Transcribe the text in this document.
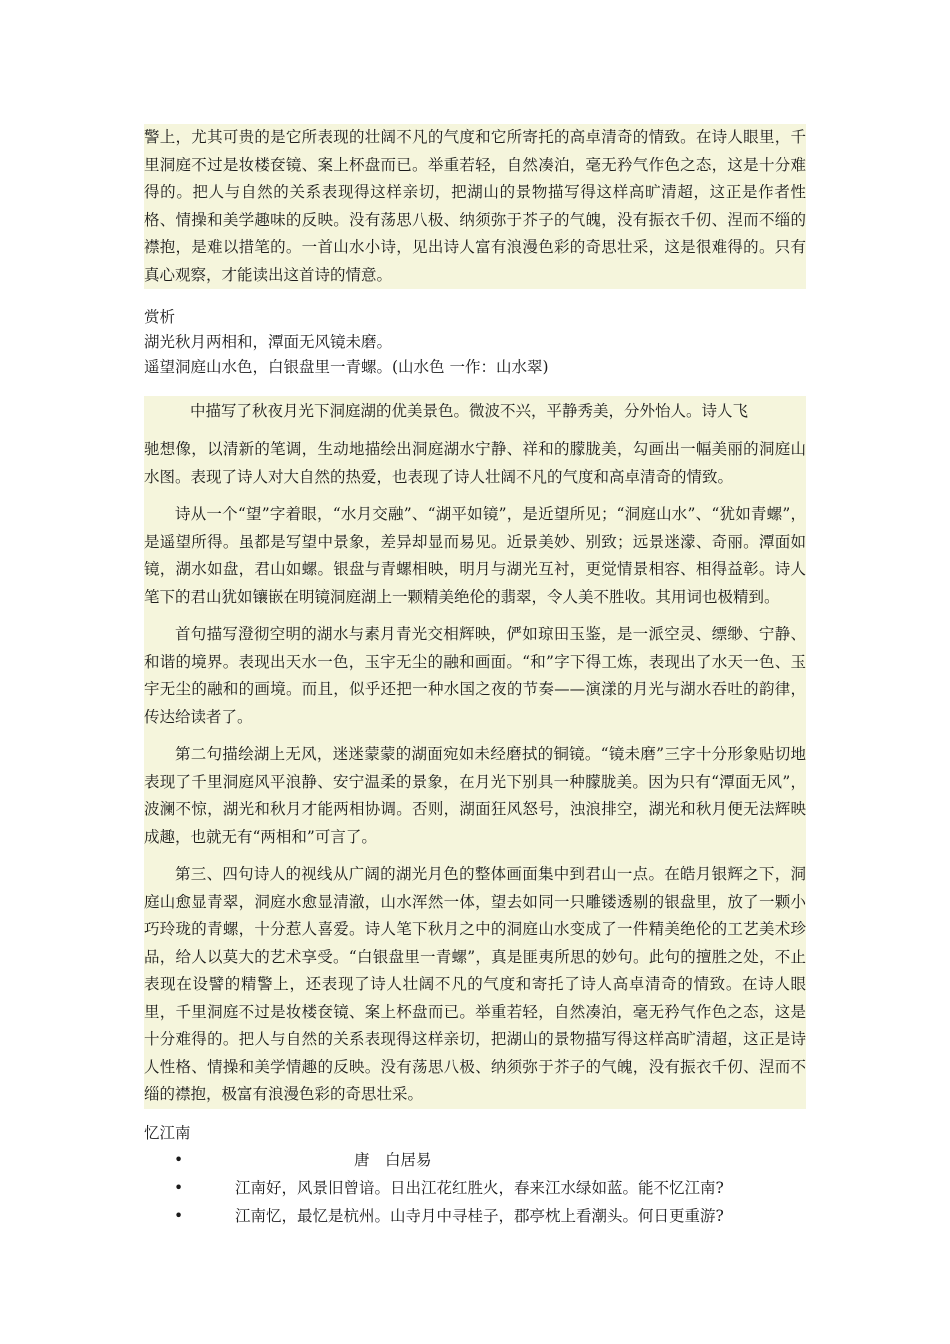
警上，尤其可贵的是它所表现的壮阔不凡的气度和它所寄托的高卓清奇的情致。在诗人眼里，千里洞庭不过是妆楼奁镜、案上杯盘而已。举重若轻，自然凑泊，毫无矜气作色之态，这是十分难得的。把人与自然的关系表现得这样亲切，把湖山的景物描写得这样高旷清超，这正是作者性格、情操和美学趣味的反映。没有荡思八极、纳须弥于芥子的气魄，没有振衣千仞、涅而不缁的襟抱，是难以措笔的。一首山水小诗，见出诗人富有浪漫色彩的奇思壮采，这是很难得的。只有真心观察，才能读出这首诗的情意。

赏析

湖光秋月两相和，潭面无风镜未磨。

遥望洞庭山水色，白银盘里一青螺。(山水色 一作：山水翠)

中描写了秋夜月光下洞庭湖的优美景色。微波不兴，平静秀美，分外怡人。诗人飞

驰想像，以清新的笔调，生动地描绘出洞庭湖水宁静、祥和的朦胧美，勾画出一幅美丽的洞庭山水图。表现了诗人对大自然的热爱，也表现了诗人壮阔不凡的气度和高卓清奇的情致。

诗从一个“望”字着眼，“水月交融”、“湖平如镜”，是近望所见；“洞庭山水”、“犹如青螺”，是遥望所得。虽都是写望中景象，差异却显而易见。近景美妙、别致；远景迷濛、奇丽。潭面如镜，湖水如盘，君山如螺。银盘与青螺相映，明月与湖光互衬，更觉情景相容、相得益彰。诗人笔下的君山犹如镶嵌在明镜洞庭湖上一颗精美绝伦的翡翠，令人美不胜收。其用词也极精到。

首句描写澄彻空明的湖水与素月青光交相辉映，俨如琼田玉鉴，是一派空灵、缥缈、宁静、和谐的境界。表现出天水一色，玉宇无尘的融和画面。“和”字下得工炼，表现出了水天一色、玉宇无尘的融和的画境。而且，似乎还把一种水国之夜的节奏——演漾的月光与湖水吞吐的韵律，传达给读者了。

第二句描绘湖上无风，迷迷蒙蒙的湖面宛如未经磨拭的铜镜。“镜未磨”三字十分形象贴切地表现了千里洞庭风平浪静、安宁温柔的景象，在月光下别具一种朦胧美。因为只有“潭面无风”，波澜不惊，湖光和秋月才能两相协调。否则，湖面狂风怒号，浊浪排空，湖光和秋月便无法辉映成趣，也就无有“两相和”可言了。

第三、四句诗人的视线从广阔的湖光月色的整体画面集中到君山一点。在皓月银辉之下，洞庭山愈显青翠，洞庭水愈显清澈，山水浑然一体，望去如同一只雕镂透剔的银盘里，放了一颗小巧玲珑的青螺，十分惹人喜爱。诗人笔下秋月之中的洞庭山水变成了一件精美绝伦的工艺美术珍品，给人以莫大的艺术享受。“白银盘里一青螺”，真是匪夷所思的妙句。此句的擅胜之处，不止表现在设譬的精警上，还表现了诗人壮阔不凡的气度和寄托了诗人高卓清奇的情致。在诗人眼里，千里洞庭不过是妆楼奁镜、案上杯盘而已。举重若轻，自然凑泊，毫无矜气作色之态，这是十分难得的。把人与自然的关系表现得这样亲切，把湖山的景物描写得这样高旷清超，这正是诗人性格、情操和美学情趣的反映。没有荡思八极、纳须弥于芥子的气魄，没有振衣千仞、涅而不缁的襟抱，极富有浪漫色彩的奇思壮采。

忆江南

•	唐　白居易
•	江南好，风景旧曾谙。日出江花红胜火，春来江水绿如蓝。能不忆江南?
•	江南忆，最忆是杭州。山寺月中寻桂子，郡亭枕上看潮头。何日更重游?
